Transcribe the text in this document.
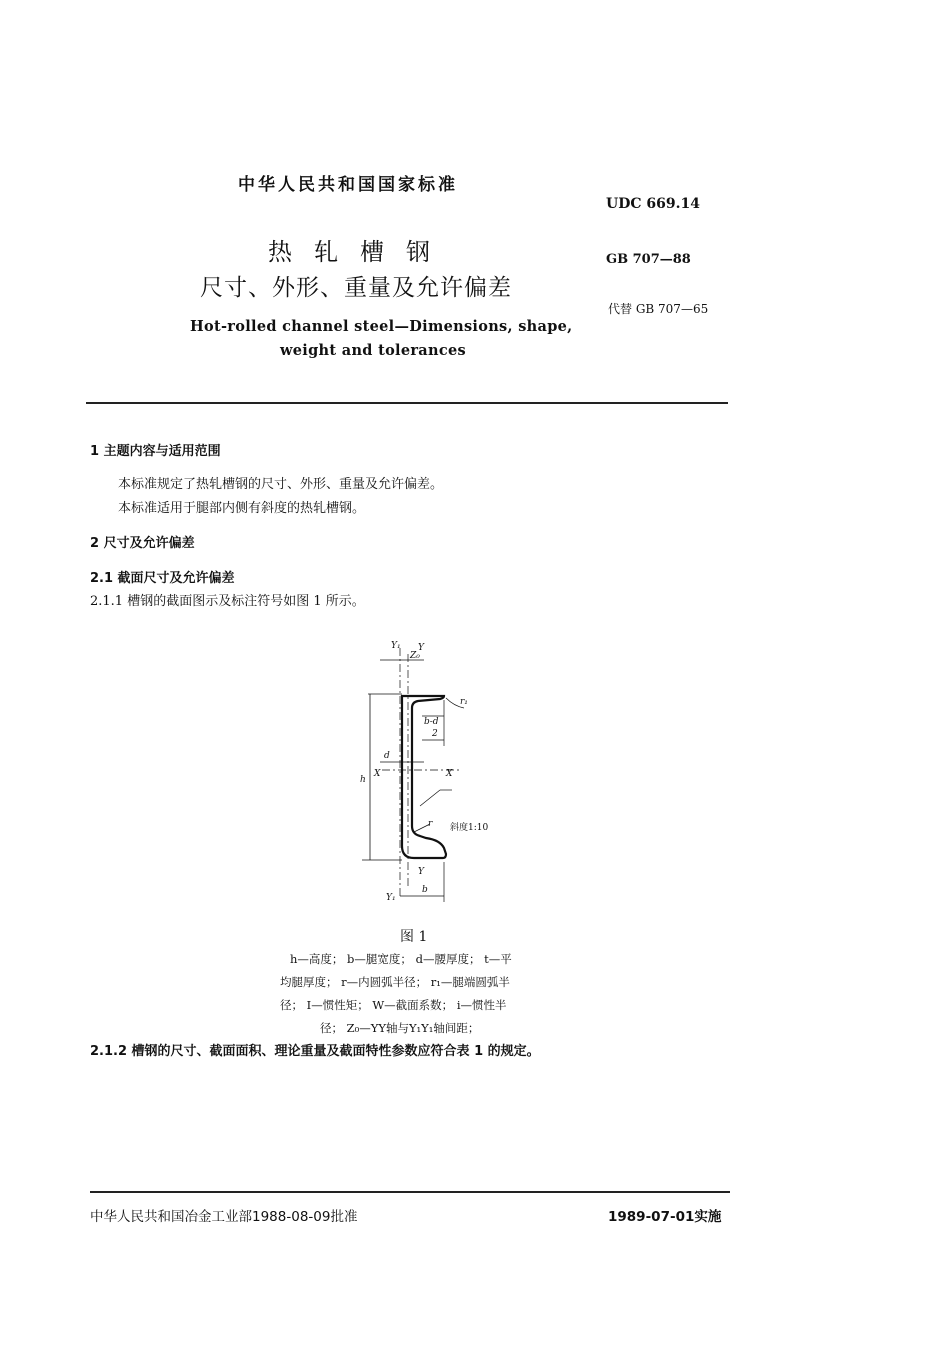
中华人民共和国国家标准
UDC 669.14
热轧槽钢
尺寸、外形、重量及允许偏差
GB 707—88
代替 GB 707—65
Hot-rolled channel steel—Dimensions, shape,
weight and tolerances
1 主题内容与适用范围
本标准规定了热轧槽钢的尺寸、外形、重量及允许偏差。
本标准适用于腿部内侧有斜度的热轧槽钢。
2 尺寸及允许偏差
2.1 截面尺寸及允许偏差
2.1.1 槽钢的截面图示及标注符号如图 1 所示。
Y₁
Z₀
Y
r₁
b-d
2
d
h
X	X
r 斜度1:10
Y
Y₁
b
图 1
h—高度； b—腿宽度； d—腰厚度； t—平
均腿厚度； r—内圆弧半径； r₁—腿端圆弧半
径； I—惯性矩； W—截面系数； i—惯性半
径； Z₀—YY轴与Y₁Y₁轴间距；
2.1.2 槽钢的尺寸、截面面积、理论重量及截面特性参数应符合表 1 的规定。
中华人民共和国冶金工业部1988-08-09批准	1989-07-01实施
